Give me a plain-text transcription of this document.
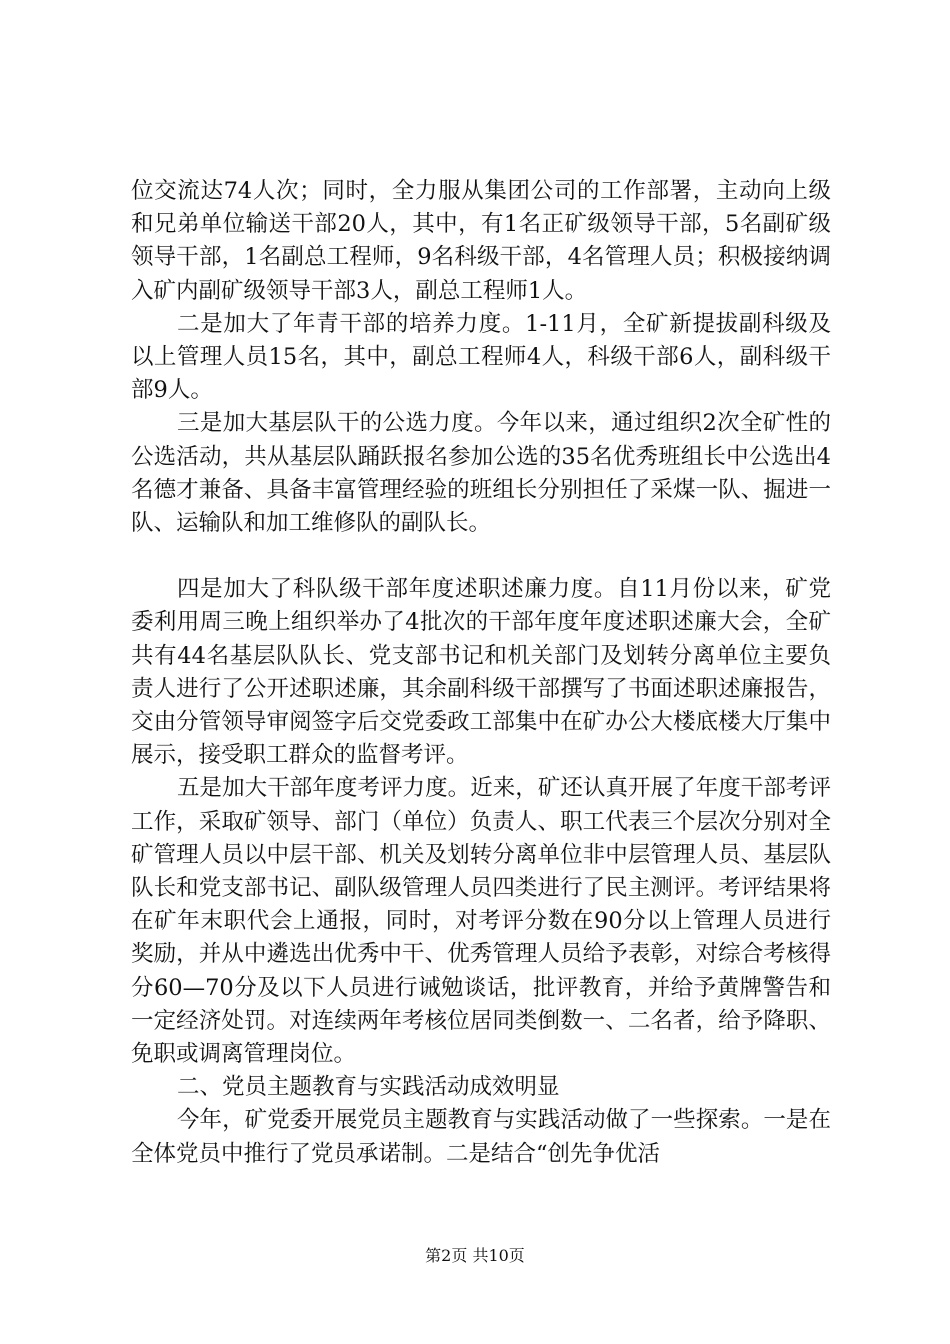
位交流达74人次；同时，全力服从集团公司的工作部署，主动向上级和兄弟单位输送干部20人，其中，有1名正矿级领导干部，5名副矿级领导干部，1名副总工程师，9名科级干部，4名管理人员；积极接纳调入矿内副矿级领导干部3人，副总工程师1人。

二是加大了年青干部的培养力度。1-11月，全矿新提拔副科级及以上管理人员15名，其中，副总工程师4人，科级干部6人，副科级干部9人。

三是加大基层队干的公选力度。今年以来，通过组织2次全矿性的公选活动，共从基层队踊跃报名参加公选的35名优秀班组长中公选出4名德才兼备、具备丰富管理经验的班组长分别担任了采煤一队、掘进一队、运输队和加工维修队的副队长。

四是加大了科队级干部年度述职述廉力度。自11月份以来，矿党委利用周三晚上组织举办了4批次的干部年度年度述职述廉大会，全矿共有44名基层队队长、党支部书记和机关部门及划转分离单位主要负责人进行了公开述职述廉，其余副科级干部撰写了书面述职述廉报告，交由分管领导审阅签字后交党委政工部集中在矿办公大楼底楼大厅集中展示，接受职工群众的监督考评。

五是加大干部年度考评力度。近来，矿还认真开展了年度干部考评工作，采取矿领导、部门（单位）负责人、职工代表三个层次分别对全矿管理人员以中层干部、机关及划转分离单位非中层管理人员、基层队队长和党支部书记、副队级管理人员四类进行了民主测评。考评结果将在矿年末职代会上通报，同时，对考评分数在90分以上管理人员进行奖励，并从中遴选出优秀中干、优秀管理人员给予表彰，对综合考核得分60—70分及以下人员进行诫勉谈话，批评教育，并给予黄牌警告和一定经济处罚。对连续两年考核位居同类倒数一、二名者，给予降职、免职或调离管理岗位。

二、党员主题教育与实践活动成效明显

今年，矿党委开展党员主题教育与实践活动做了一些探索。一是在全体党员中推行了党员承诺制。二是结合“创先争优活

第2页 共10页
